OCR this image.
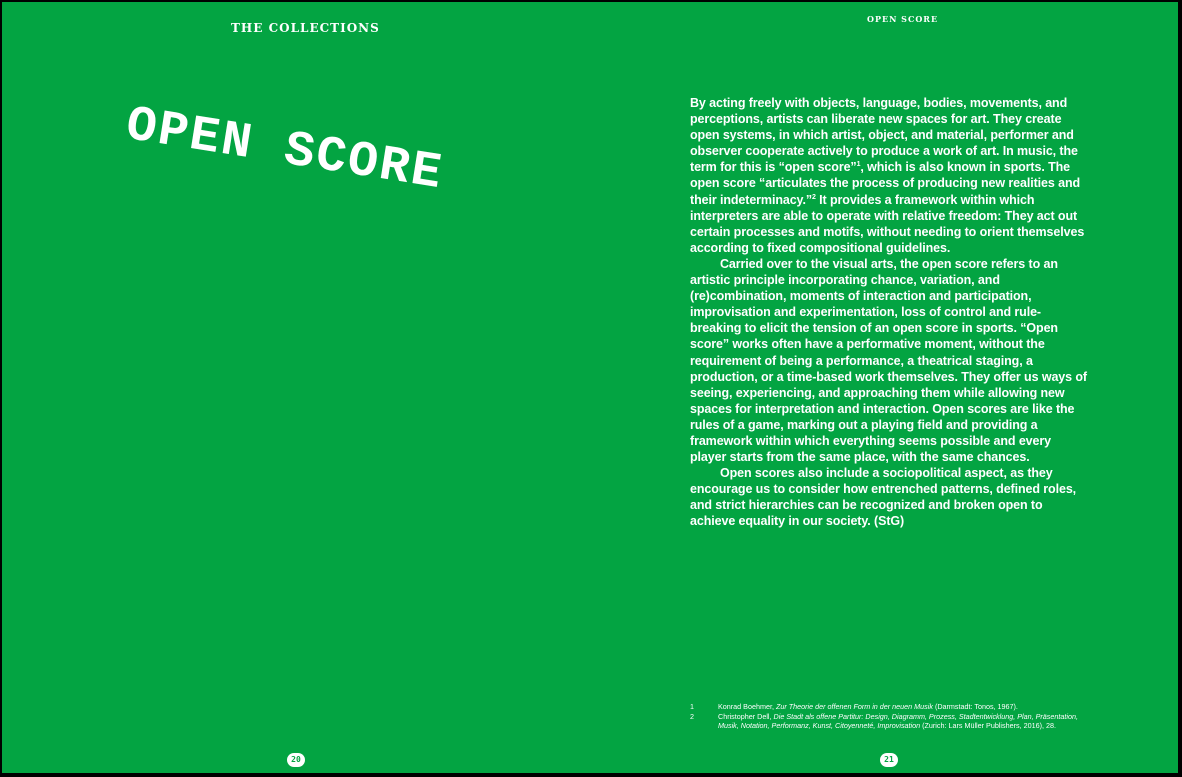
THE COLLECTIONS
OPEN SCORE
20
OPEN SCORE

By acting freely with objects, language, bodies, movements, and perceptions, artists can liberate new spaces for art. They create open systems, in which artist, object, and material, performer and observer cooperate actively to produce a work of art. In music, the term for this is “open score”$^1$, which is also known in sports. The open score “articulates the process of producing new realities and their indeterminacy.”$^2$ It provides a framework within which interpreters are able to operate with relative freedom: They act out certain processes and motifs, without needing to orient themselves according to fixed compositional guidelines.

Carried over to the visual arts, the open score refers to an artistic principle incorporating chance, variation, and (re)combination, moments of interaction and participation, improvisation and experimentation, loss of control and rule-breaking to elicit the tension of an open score in sports. “Open score” works often have a performative moment, without the requirement of being a performance, a theatrical staging, a production, or a time-based work themselves. They offer us ways of seeing, experiencing, and approaching them while allowing new spaces for interpretation and interaction. Open scores are like the rules of a game, marking out a playing field and providing a framework within which everything seems possible and every player starts from the same place, with the same chances.

Open scores also include a sociopolitical aspect, as they encourage us to consider how entrenched patterns, defined roles, and strict hierarchies can be recognized and broken open to achieve equality in our society. (StG)

1	Konrad Boehmer, Zur Theorie der offenen Form in der neuen Musik (Darmstadt: Tonos, 1967).
2	Christopher Dell, Die Stadt als offene Partitur: Design, Diagramm, Prozess, Stadtentwicklung, Plan, Präsentation, Musik, Notation, Performanz, Kunst, Citoyenneté, Improvisation (Zurich: Lars Müller Publishers, 2016), 28.
21
